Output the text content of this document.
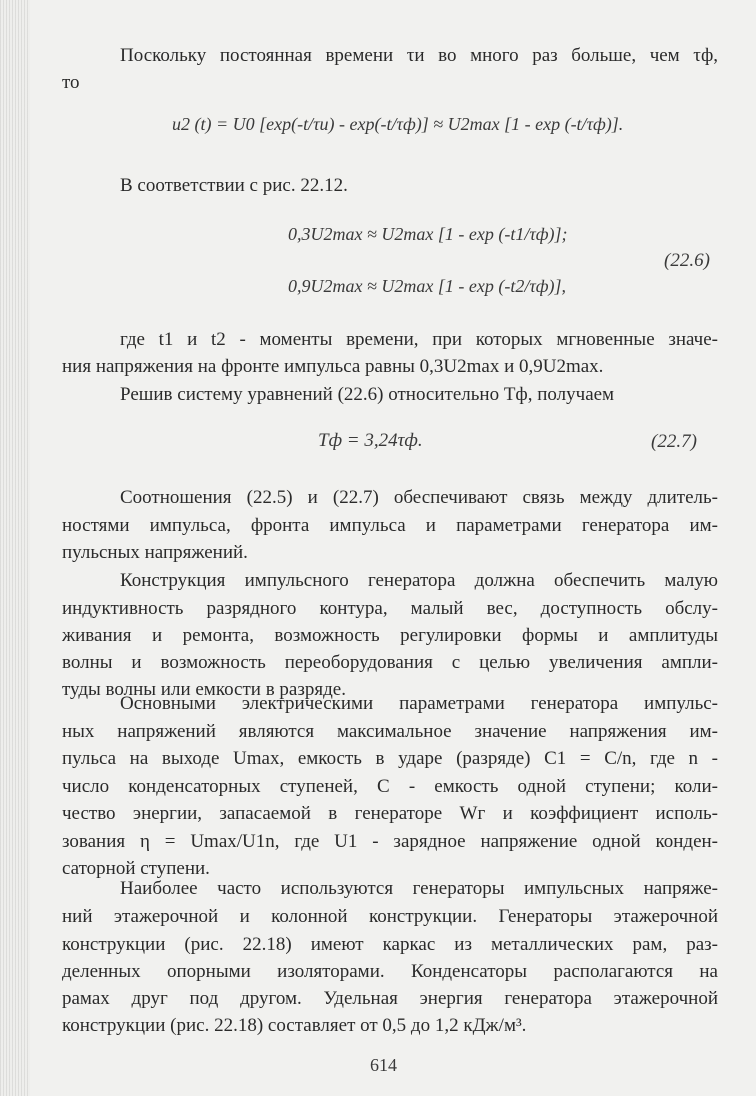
Поскольку постоянная времени τи во много раз больше, чем τф,
то
u2 (t) = U0 [exp(-t/τи) - exp(-t/τф)] ≈ U2max [1 - exp (-t/τф)].
В соответствии с рис. 22.12.
0,3U2max ≈ U2max [1 - exp (-t1/τф)];
(22.6)
0,9U2max ≈ U2max [1 - exp (-t2/τф)],
где t1 и t2 - моменты времени, при которых мгновенные значе-
ния напряжения на фронте импульса равны 0,3U2max и 0,9U2max.
Решив систему уравнений (22.6) относительно Тф, получаем
Тф = 3,24τф.	(22.7)
Соотношения (22.5) и (22.7) обеспечивают связь между длитель-
ностями импульса, фронта импульса и параметрами генератора им-
пульсных напряжений.
Конструкция импульсного генератора должна обеспечить малую
индуктивность разрядного контура, малый вес, доступность обслу-
живания и ремонта, возможность регулировки формы и амплитуды
волны и возможность переоборудования с целью увеличения ампли-
туды волны или емкости в разряде.
Основными электрическими параметрами генератора импульс-
ных напряжений являются максимальное значение напряжения им-
пульса на выходе Umax, емкость в ударе (разряде) C1 = C/n, где n -
число конденсаторных ступеней, C - емкость одной ступени; коли-
чество энергии, запасаемой в генераторе Wг и коэффициент исполь-
зования η = Umax/U1n, где U1 - зарядное напряжение одной конден-
саторной ступени.
Наиболее часто используются генераторы импульсных напряже-
ний этажерочной и колонной конструкции. Генераторы этажерочной
конструкции (рис. 22.18) имеют каркас из металлических рам, раз-
деленных опорными изоляторами. Конденсаторы располагаются на
рамах друг под другом. Удельная энергия генератора этажерочной
конструкции (рис. 22.18) составляет от 0,5 до 1,2 кДж/м³.
614
